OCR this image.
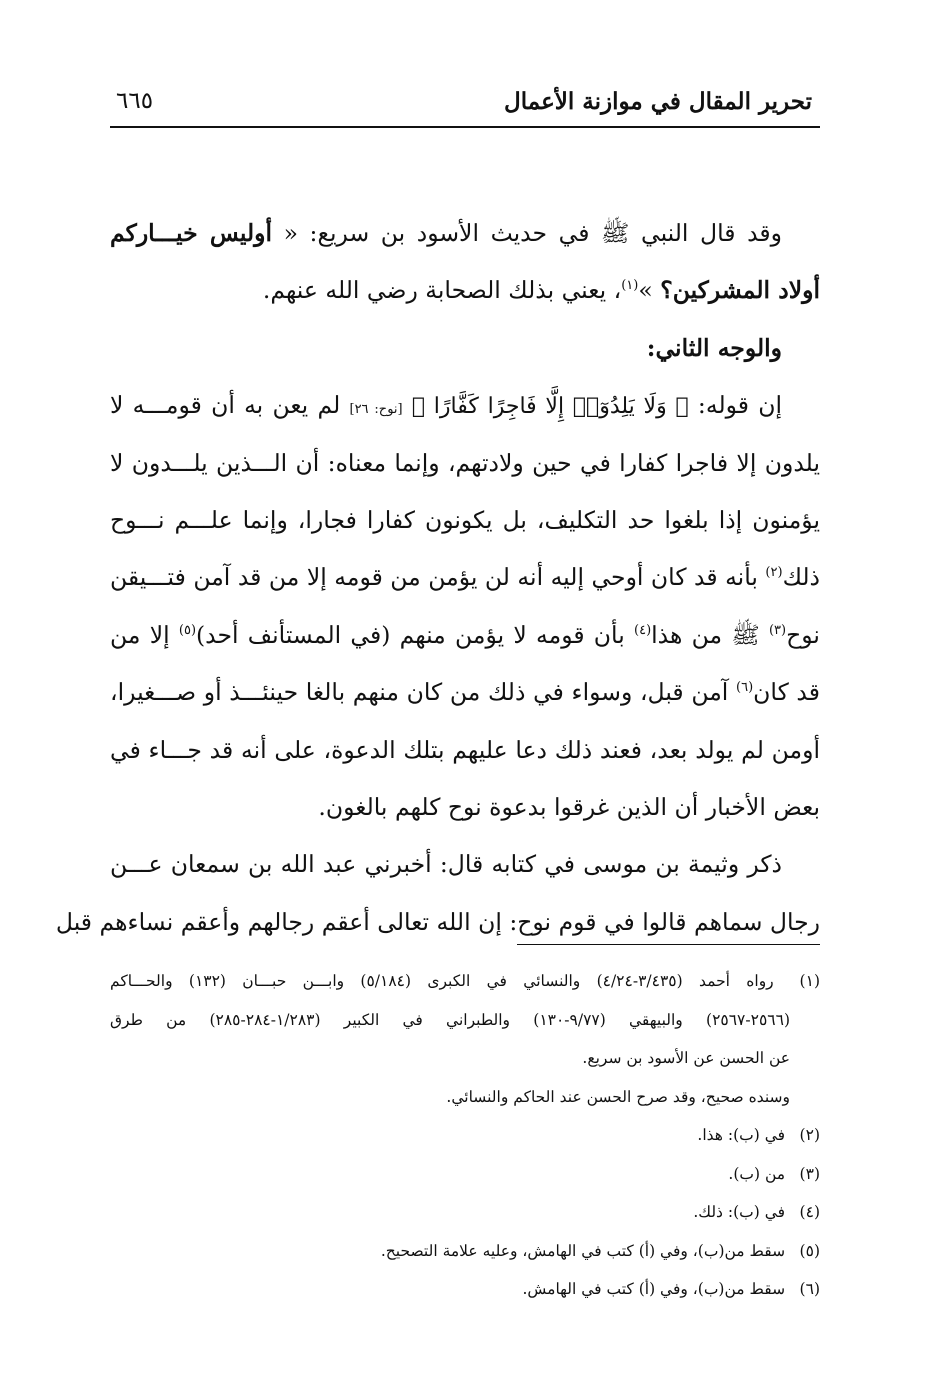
تحرير المقال في موازنة الأعمال
٦٦٥
وقد قال النبي ﷺ في حديث الأسود بن سريع: « أوليس خيـــاركم
أولاد المشركين؟ »$^{(١)}$، يعني بذلك الصحابة رضي الله عنهم.
والوجه الثاني:
إن قوله: ﴿ وَلَا يَلِدُوٓا۟ إِلَّا فَاجِرًا كَفَّارًا ﴾ [نوح: ٢٦] لم يعن به أن قومـــه لا
يلدون إلا فاجرا كفارا في حين ولادتهم، وإنما معناه: أن الـــذين يلـــدون لا
يؤمنون إذا بلغوا حد التكليف، بل يكونون كفارا فجارا، وإنما علـــم نـــوح
ذلك$^{(٢)}$ بأنه قد كان أوحي إليه أنه لن يؤمن من قومه إلا من قد آمن فتـــيقن
نوح$^{(٣)}$ ﷺ من هذا$^{(٤)}$ بأن قومه لا يؤمن منهم (في المستأنف أحد)$^{(٥)}$ إلا من
قد كان$^{(٦)}$ آمن قبل، وسواء في ذلك من كان منهم بالغا حينئـــذ أو صـــغيرا،
أومن لم يولد بعد، فعند ذلك دعا عليهم بتلك الدعوة، على أنه قد جـــاء في
بعض الأخبار أن الذين غرقوا بدعوة نوح كلهم بالغون.
ذكر وثيمة بن موسى في كتابه قال: أخبرني عبد الله بن سمعان عـــن
رجال سماهم قالوا في قوم نوح: إن الله تعالى أعقم رجالهم وأعقم نساءهم قبل
(١) رواه أحمد (٣/٤٣٥-٤/٢٤) والنسائي في الكبرى (٥/١٨٤) وابـــن حبـــان (١٣٢) والحـــاكم
(٢٥٦٦-٢٥٦٧) والبيهقي (٩/٧٧-١٣٠) والطبراني في الكبير (١/٢٨٣-٢٨٤-٢٨٥) من طرق
عن الحسن عن الأسود بن سريع.
وسنده صحيح، وقد صرح الحسن عند الحاكم والنسائي.
(٢) في (ب): هذا.
(٣) من (ب).
(٤) في (ب): ذلك.
(٥) سقط من(ب)، وفي (أ) كتب في الهامش، وعليه علامة التصحيح.
(٦) سقط من(ب)، وفي (أ) كتب في الهامش.
